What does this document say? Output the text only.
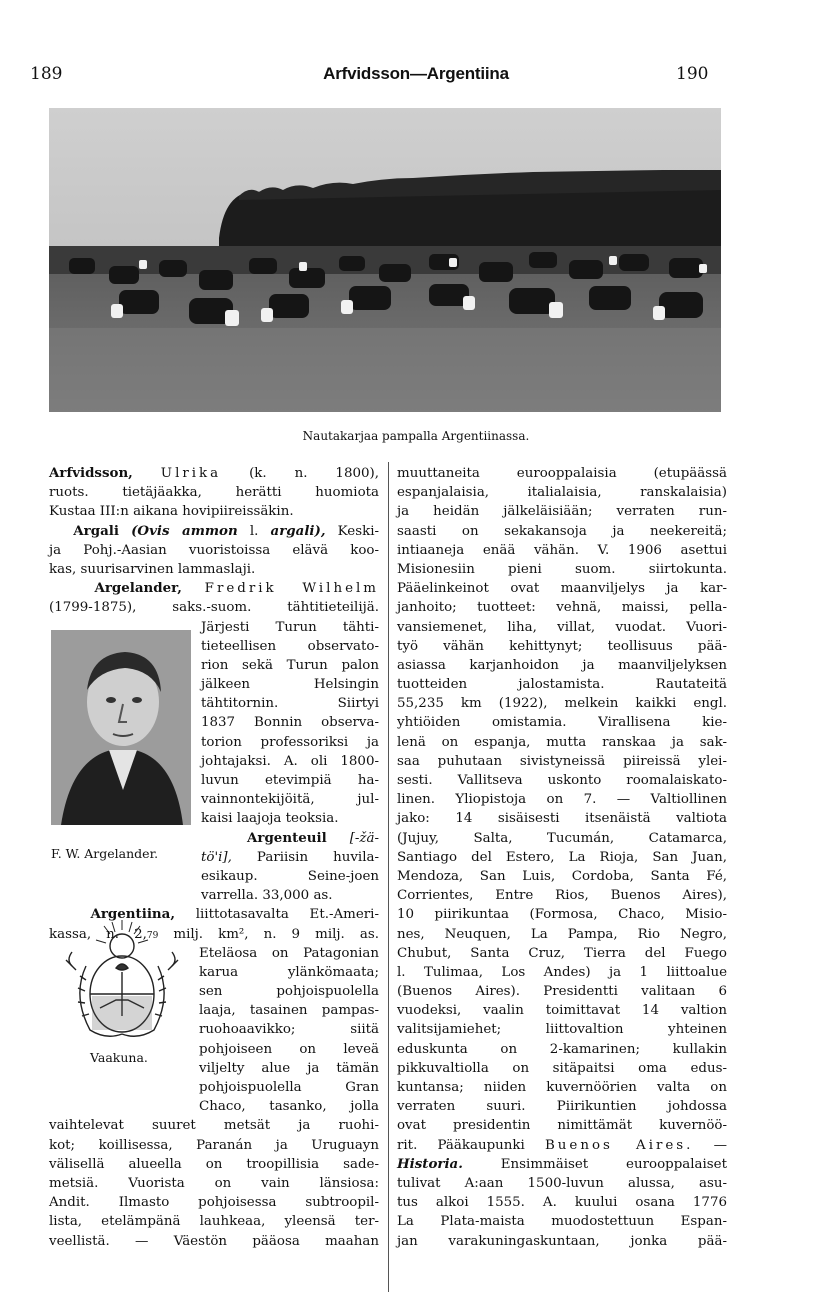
189	Arfvidsson—Argentiina	190
Nautakarjaa pampalla Argentiinassa.
F. W. Argelander.
Vaakuna.
Arfvidsson, Ulrika (k. n. 1800),
ruots. tietäjäakka, herätti huomiota
Kustaa III:n aikana hovipiireissäkin.
Argali (Ovis ammon l. argali), Keski-
ja Pohj.-Aasian vuoristoissa elävä koo-
kas, suurisarvinen lammaslaji.
Argelander, Fredrik Wilhelm
(1799-1875), saks.-suom. tähtitieteilijä.
Järjesti Turun tähti-
tieteellisen observato-
rion sekä Turun palon
jälkeen Helsingin
tähtitornin. Siirtyi
1837 Bonnin observa-
torion professoriksi ja
johtajaksi. A. oli 1800-
luvun etevimpiä ha-
vainnontekijöitä, jul-
kaisi laajoja teoksia.
Argenteuil [-žä-
tö'i], Pariisin huvila-
esikaup. Seine-joen
varrella. 33,000 as.
Argentiina, liittotasavalta Et.-Ameri-
kassa, n. 2,79 milj. km², n. 9 milj. as.
Eteläosa on Patagonian
karua ylänkömaata;
sen pohjoispuolella
laaja, tasainen pampas-
ruohoaavikko; siitä
pohjoiseen on leveä
viljelty alue ja tämän
pohjoispuolella Gran
Chaco, tasanko, jolla
vaihtelevat suuret metsät ja ruohi-
kot; koillisessa, Paranán ja Uruguayn
välisellä alueella on troopillisia sade-
metsiä. Vuorista on vain länsiosa:
Andit. Ilmasto pohjoisessa subtroopil-
lista, etelämpänä lauhkeaa, yleensä ter-
veellistä. — Väestön pääosa maahan
muuttaneita eurooppalaisia (etupäässä
espanjalaisia, italialaisia, ranskalaisia)
ja heidän jälkeläisiään; verraten run-
saasti on sekakansoja ja neekereitä;
intiaaneja enää vähän. V. 1906 asettui
Misionesiin pieni suom. siirtokunta.
Pääelinkeinot ovat maanviljelys ja kar-
janhoito; tuotteet: vehnä, maissi, pella-
vansiemenet, liha, villat, vuodat. Vuori-
työ vähän kehittynyt; teollisuus pää-
asiassa karjanhoidon ja maanviljelyksen
tuotteiden jalostamista. Rautateitä
55,235 km (1922), melkein kaikki engl.
yhtiöiden omistamia. Virallisena kie-
lenä on espanja, mutta ranskaa ja sak-
saa puhutaan sivistyneissä piireissä ylei-
sesti. Vallitseva uskonto roomalaiskato-
linen. Yliopistoja on 7. — Valtiollinen
jako: 14 sisäisesti itsenäistä valtiota
(Jujuy, Salta, Tucumán, Catamarca,
Santiago del Estero, La Rioja, San Juan,
Mendoza, San Luis, Cordoba, Santa Fé,
Corrientes, Entre Rios, Buenos Aires),
10 piirikuntaa (Formosa, Chaco, Misio-
nes, Neuquen, La Pampa, Rio Negro,
Chubut, Santa Cruz, Tierra del Fuego
l. Tulimaa, Los Andes) ja 1 liittoalue
(Buenos Aires). Presidentti valitaan 6
vuodeksi, vaalin toimittavat 14 valtion
valitsijamiehet; liittovaltion yhteinen
eduskunta on 2-kamarinen; kullakin
pikkuvaltiolla on sitäpaitsi oma edus-
kuntansa; niiden kuvernöörien valta on
verraten suuri. Piirikuntien johdossa
ovat presidentin nimittämät kuvernöö-
rit. Pääkaupunki Buenos Aires. —
Historia. Ensimmäiset eurooppalaiset
tulivat A:aan 1500-luvun alussa, asu-
tus alkoi 1555. A. kuului osana 1776
La Plata-maista muodostettuun Espan-
jan varakuningaskuntaan, jonka pää-
